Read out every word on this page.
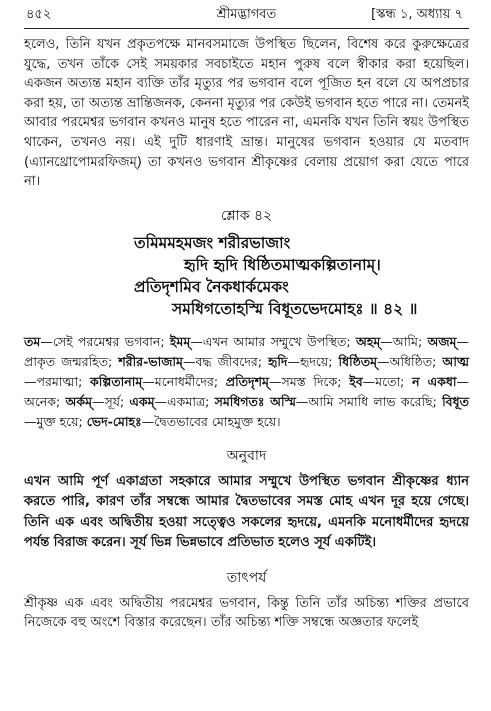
৪৫২	শ্রীমদ্ভাগবত	[স্কন্ধ ১, অধ্যায় ৭

হলেও, তিনি যখন প্রকৃতপক্ষে মানবসমাজে উপস্থিত ছিলেন, বিশেষ করে কুরুক্ষেত্রের যুদ্ধে, তখন তাঁকে সেই সময়কার সবচাইতে মহান পুরুষ বলে স্বীকার করা হয়েছিল। একজন অত্যন্ত মহান ব্যক্তি তাঁর মৃত্যুর পর ভগবান বলে পূজিত হন বলে যে অপপ্রচার করা হয়, তা অত্যন্ত ভ্রান্তিজনক, কেননা মৃত্যুর পর কেউই ভগবান হতে পারে না। তেমনই আবার পরমেশ্বর ভগবান কখনও মানুষ হতে পারেন না, এমনকি যখন তিনি স্বয়ং উপস্থিত থাকেন, তখনও নয়। এই দুটি ধারণাই ভ্রান্ত। মানুষের ভগবান হওয়ার যে মতবাদ (এ্যানথ্রোপোমরফিজম্) তা কখনও ভগবান শ্রীকৃষ্ণের বেলায় প্রয়োগ করা যেতে পারে না।

শ্লোক ৪২
তমিমমহমজং শরীরভাজাং
হৃদি হৃদি ধিষ্ঠিতমাত্মকল্পিতানাম্।
প্রতিদৃশমিব নৈকধার্কমেকং
সমধিগতোহস্মি বিধূতভেদমোহঃ ॥ ৪২ ॥
তম—সেই পরমেশ্বর ভগবান; ইমম্—এখন আমার সম্মুখে উপস্থিত; অহম্—আমি; অজম্—প্রাকৃত জন্মরহিত; শরীর-ভাজাম্—বদ্ধ জীবদের; হৃদি—হৃদয়ে; ধিষ্ঠিতম্—অধিষ্ঠিত; আত্ম—পরমাত্মা; কল্পিতানাম্—মনোধর্মীদের; প্রতিদৃশম্—সমস্ত দিকে; ইব—মতো; ন একধা—অনেক; অর্কম্—সূর্য; একম্—একমাত্র; সমধিগতঃ অস্মি—আমি সমাধি লাভ করেছি; বিধূত—মুক্ত হয়ে; ভেদ-মোহঃ—দ্বৈতভাবের মোহমুক্ত হয়ে।
অনুবাদ
এখন আমি পূর্ণ একাগ্রতা সহকারে আমার সম্মুখে উপস্থিত ভগবান শ্রীকৃষ্ণের ধ্যান করতে পারি, কারণ তাঁর সম্বন্ধে আমার দ্বৈতভাবের সমস্ত মোহ এখন দূর হয়ে গেছে। তিনি এক এবং অদ্বিতীয় হওয়া সত্ত্বেও সকলের হৃদয়ে, এমনকি মনোধর্মীদের হৃদয়ে পর্যন্ত বিরাজ করেন। সূর্য ভিন্ন ভিন্নভাবে প্রতিভাত হলেও সূর্য একটিই।
তাৎপর্য
শ্রীকৃষ্ণ এক এবং অদ্বিতীয় পরমেশ্বর ভগবান, কিন্তু তিনি তাঁর অচিন্ত্য শক্তির প্রভাবে নিজেকে বহু অংশে বিস্তার করেছেন। তাঁর অচিন্ত্য শক্তি সম্বন্ধে অজ্ঞতার ফলেই
